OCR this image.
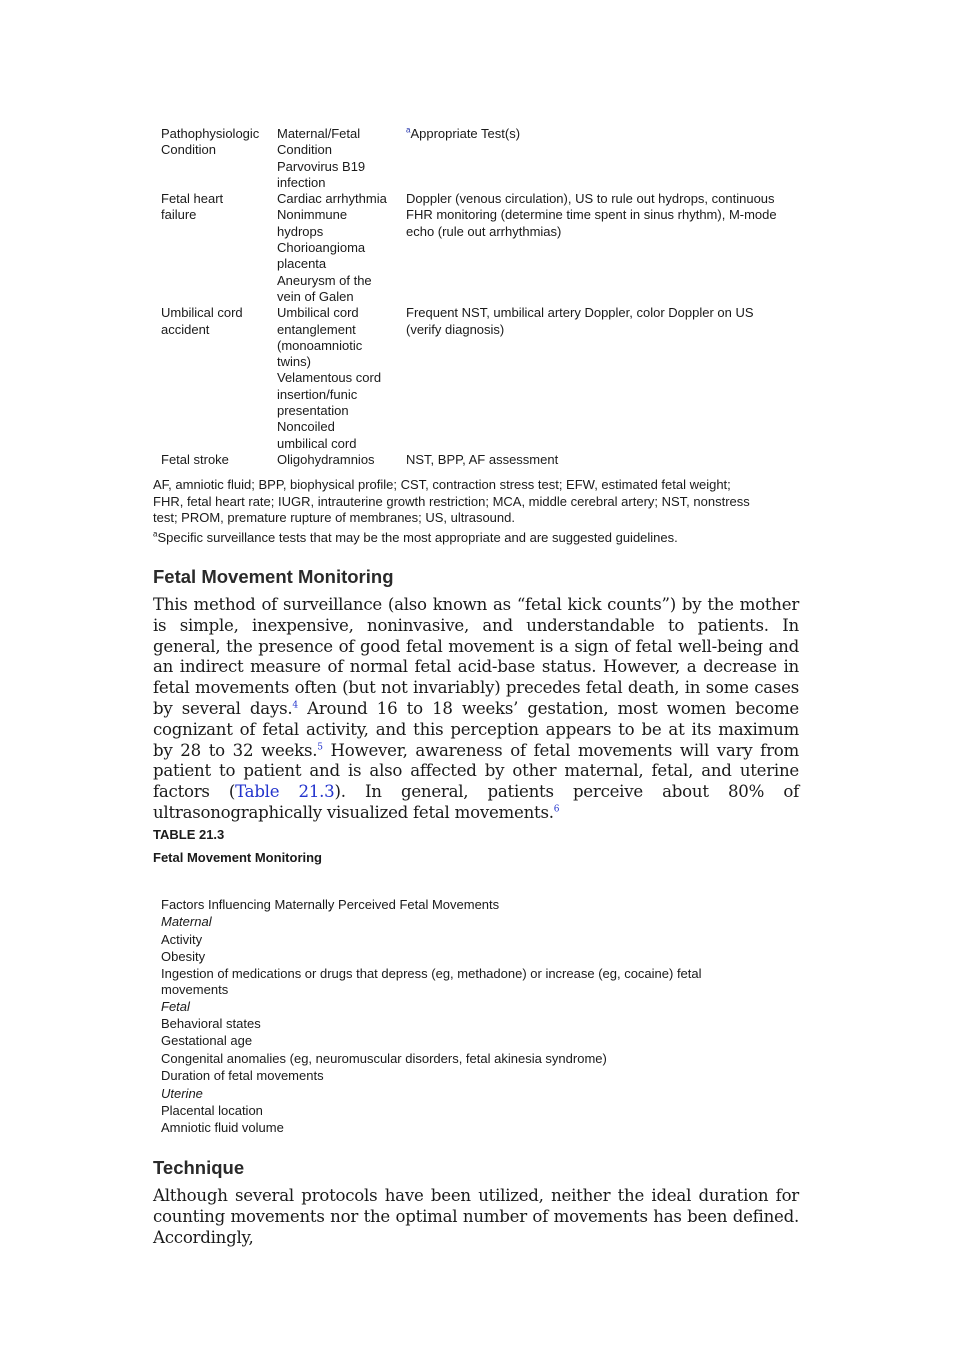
Pathophysiologic
Condition
Maternal/Fetal
Condition
Parvovirus B19
infection
$^a$Appropriate Test(s)
Fetal heart
failure
Cardiac arrhythmia
Nonimmune
hydrops
Chorioangioma
placenta
Aneurysm of the
vein of Galen
Doppler (venous circulation), US to rule out hydrops, continuous
FHR monitoring (determine time spent in sinus rhythm), M-mode
echo (rule out arrhythmias)
Umbilical cord
accident
Umbilical cord
entanglement
(monoamniotic
twins)
Velamentous cord
insertion/funic
presentation
Noncoiled
umbilical cord
Frequent NST, umbilical artery Doppler, color Doppler on US
(verify diagnosis)
Fetal stroke	Oligohydramnios	NST, BPP, AF assessment
AF, amniotic fluid; BPP, biophysical profile; CST, contraction stress test; EFW, estimated fetal weight;
FHR, fetal heart rate; IUGR, intrauterine growth restriction; MCA, middle cerebral artery; NST, nonstress
test; PROM, premature rupture of membranes; US, ultrasound.
$^a$Specific surveillance tests that may be the most appropriate and are suggested guidelines.
Fetal Movement Monitoring

This method of surveillance (also known as “fetal kick counts”) by the mother is simple, inexpensive, noninvasive, and understandable to patients. In general, the presence of good fetal movement is a sign of fetal well-being and an indirect measure of normal fetal acid-base status. However, a decrease in fetal movements often (but not invariably) precedes fetal death, in some cases by several days.$^4$ Around 16 to 18 weeks’ gestation, most women become cognizant of fetal activity, and this perception appears to be at its maximum by 28 to 32 weeks.$^5$ However, awareness of fetal movements will vary from patient to patient and is also affected by other maternal, fetal, and uterine factors (Table 21.3). In general, patients perceive about 80% of ultrasonographically visualized fetal movements.$^6$

TABLE 21.3
Fetal Movement Monitoring
Factors Influencing Maternally Perceived Fetal Movements
Maternal
Activity
Obesity
Ingestion of medications or drugs that depress (eg, methadone) or increase (eg, cocaine) fetal
movements
Fetal
Behavioral states
Gestational age
Congenital anomalies (eg, neuromuscular disorders, fetal akinesia syndrome)
Duration of fetal movements
Uterine
Placental location
Amniotic fluid volume
Technique

Although several protocols have been utilized, neither the ideal duration for counting movements nor the optimal number of movements has been defined. Accordingly,
